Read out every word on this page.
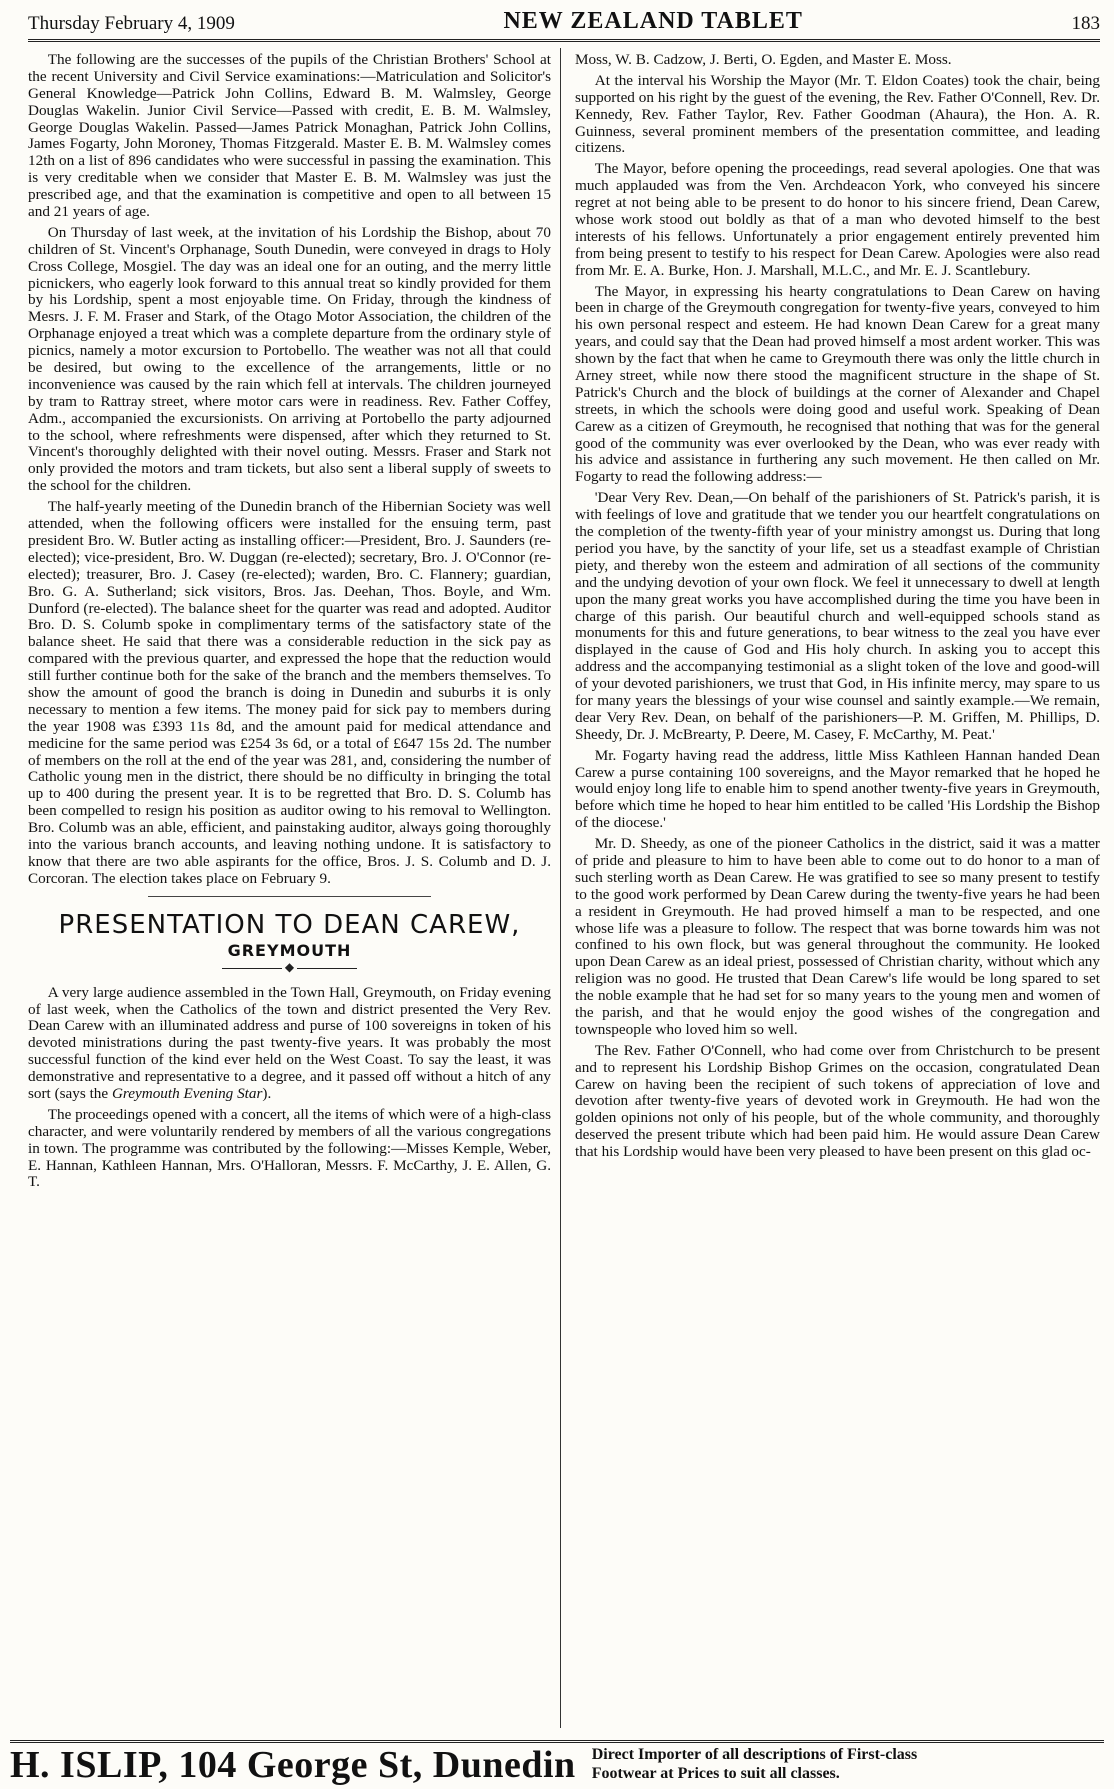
Thursday February 4, 1909	NEW ZEALAND TABLET	183

The following are the successes of the pupils of the Christian Brothers' School at the recent University and Civil Service examinations:—Matriculation and Solicitor's General Knowledge—Patrick John Collins, Edward B. M. Walmsley, George Douglas Wakelin. Junior Civil Service—Passed with credit, E. B. M. Walmsley, George Douglas Wakelin. Passed—James Patrick Monaghan, Patrick John Collins, James Fogarty, John Moroney, Thomas Fitzgerald. Master E. B. M. Walmsley comes 12th on a list of 896 candidates who were successful in passing the examination. This is very creditable when we consider that Master E. B. M. Walmsley was just the prescribed age, and that the examination is competitive and open to all between 15 and 21 years of age.

On Thursday of last week, at the invitation of his Lordship the Bishop, about 70 children of St. Vincent's Orphanage, South Dunedin, were conveyed in drags to Holy Cross College, Mosgiel. The day was an ideal one for an outing, and the merry little picnickers, who eagerly look forward to this annual treat so kindly provided for them by his Lordship, spent a most enjoyable time. On Friday, through the kindness of Mesrs. J. F. M. Fraser and Stark, of the Otago Motor Association, the children of the Orphanage enjoyed a treat which was a complete departure from the ordinary style of picnics, namely a motor excursion to Portobello. The weather was not all that could be desired, but owing to the excellence of the arrangements, little or no inconvenience was caused by the rain which fell at intervals. The children journeyed by tram to Rattray street, where motor cars were in readiness. Rev. Father Coffey, Adm., accompanied the excursionists. On arriving at Portobello the party adjourned to the school, where refreshments were dispensed, after which they returned to St. Vincent's thoroughly delighted with their novel outing. Messrs. Fraser and Stark not only provided the motors and tram tickets, but also sent a liberal supply of sweets to the school for the children.

The half-yearly meeting of the Dunedin branch of the Hibernian Society was well attended, when the following officers were installed for the ensuing term, past president Bro. W. Butler acting as installing officer:—President, Bro. J. Saunders (re-elected); vice-president, Bro. W. Duggan (re-elected); secretary, Bro. J. O'Connor (re-elected); treasurer, Bro. J. Casey (re-elected); warden, Bro. C. Flannery; guardian, Bro. G. A. Sutherland; sick visitors, Bros. Jas. Deehan, Thos. Boyle, and Wm. Dunford (re-elected). The balance sheet for the quarter was read and adopted. Auditor Bro. D. S. Columb spoke in complimentary terms of the satisfactory state of the balance sheet. He said that there was a considerable reduction in the sick pay as compared with the previous quarter, and expressed the hope that the reduction would still further continue both for the sake of the branch and the members themselves. To show the amount of good the branch is doing in Dunedin and suburbs it is only necessary to mention a few items. The money paid for sick pay to members during the year 1908 was £393 11s 8d, and the amount paid for medical attendance and medicine for the same period was £254 3s 6d, or a total of £647 15s 2d. The number of members on the roll at the end of the year was 281, and, considering the number of Catholic young men in the district, there should be no difficulty in bringing the total up to 400 during the present year. It is to be regretted that Bro. D. S. Columb has been compelled to resign his position as auditor owing to his removal to Wellington. Bro. Columb was an able, efficient, and painstaking auditor, always going thoroughly into the various branch accounts, and leaving nothing undone. It is satisfactory to know that there are two able aspirants for the office, Bros. J. S. Columb and D. J. Corcoran. The election takes place on February 9.

PRESENTATION TO DEAN CAREW,
GREYMOUTH
◆

A very large audience assembled in the Town Hall, Greymouth, on Friday evening of last week, when the Catholics of the town and district presented the Very Rev. Dean Carew with an illuminated address and purse of 100 sovereigns in token of his devoted ministrations during the past twenty-five years. It was probably the most successful function of the kind ever held on the West Coast. To say the least, it was demonstrative and representative to a degree, and it passed off without a hitch of any sort (says the Greymouth Evening Star).

The proceedings opened with a concert, all the items of which were of a high-class character, and were voluntarily rendered by members of all the various congregations in town. The programme was contributed by the following:—Misses Kemple, Weber, E. Hannan, Kathleen Hannan, Mrs. O'Halloran, Messrs. F. McCarthy, J. E. Allen, G. T.

Moss, W. B. Cadzow, J. Berti, O. Egden, and Master E. Moss.

At the interval his Worship the Mayor (Mr. T. Eldon Coates) took the chair, being supported on his right by the guest of the evening, the Rev. Father O'Connell, Rev. Dr. Kennedy, Rev. Father Taylor, Rev. Father Goodman (Ahaura), the Hon. A. R. Guinness, several prominent members of the presentation committee, and leading citizens.

The Mayor, before opening the proceedings, read several apologies. One that was much applauded was from the Ven. Archdeacon York, who conveyed his sincere regret at not being able to be present to do honor to his sincere friend, Dean Carew, whose work stood out boldly as that of a man who devoted himself to the best interests of his fellows. Unfortunately a prior engagement entirely prevented him from being present to testify to his respect for Dean Carew. Apologies were also read from Mr. E. A. Burke, Hon. J. Marshall, M.L.C., and Mr. E. J. Scantlebury.

The Mayor, in expressing his hearty congratulations to Dean Carew on having been in charge of the Greymouth congregation for twenty-five years, conveyed to him his own personal respect and esteem. He had known Dean Carew for a great many years, and could say that the Dean had proved himself a most ardent worker. This was shown by the fact that when he came to Greymouth there was only the little church in Arney street, while now there stood the magnificent structure in the shape of St. Patrick's Church and the block of buildings at the corner of Alexander and Chapel streets, in which the schools were doing good and useful work. Speaking of Dean Carew as a citizen of Greymouth, he recognised that nothing that was for the general good of the community was ever overlooked by the Dean, who was ever ready with his advice and assistance in furthering any such movement. He then called on Mr. Fogarty to read the following address:—

'Dear Very Rev. Dean,—On behalf of the parishioners of St. Patrick's parish, it is with feelings of love and gratitude that we tender you our heartfelt congratulations on the completion of the twenty-fifth year of your ministry amongst us. During that long period you have, by the sanctity of your life, set us a steadfast example of Christian piety, and thereby won the esteem and admiration of all sections of the community and the undying devotion of your own flock. We feel it unnecessary to dwell at length upon the many great works you have accomplished during the time you have been in charge of this parish. Our beautiful church and well-equipped schools stand as monuments for this and future generations, to bear witness to the zeal you have ever displayed in the cause of God and His holy church. In asking you to accept this address and the accompanying testimonial as a slight token of the love and good-will of your devoted parishioners, we trust that God, in His infinite mercy, may spare to us for many years the blessings of your wise counsel and saintly example.—We remain, dear Very Rev. Dean, on behalf of the parishioners—P. M. Griffen, M. Phillips, D. Sheedy, Dr. J. McBrearty, P. Deere, M. Casey, F. McCarthy, M. Peat.'

Mr. Fogarty having read the address, little Miss Kathleen Hannan handed Dean Carew a purse containing 100 sovereigns, and the Mayor remarked that he hoped he would enjoy long life to enable him to spend another twenty-five years in Greymouth, before which time he hoped to hear him entitled to be called 'His Lordship the Bishop of the diocese.'

Mr. D. Sheedy, as one of the pioneer Catholics in the district, said it was a matter of pride and pleasure to him to have been able to come out to do honor to a man of such sterling worth as Dean Carew. He was gratified to see so many present to testify to the good work performed by Dean Carew during the twenty-five years he had been a resident in Greymouth. He had proved himself a man to be respected, and one whose life was a pleasure to follow. The respect that was borne towards him was not confined to his own flock, but was general throughout the community. He looked upon Dean Carew as an ideal priest, possessed of Christian charity, without which any religion was no good. He trusted that Dean Carew's life would be long spared to set the noble example that he had set for so many years to the young men and women of the parish, and that he would enjoy the good wishes of the congregation and townspeople who loved him so well.

The Rev. Father O'Connell, who had come over from Christchurch to be present and to represent his Lordship Bishop Grimes on the occasion, congratulated Dean Carew on having been the recipient of such tokens of appreciation of love and devotion after twenty-five years of devoted work in Greymouth. He had won the golden opinions not only of his people, but of the whole community, and thoroughly deserved the present tribute which had been paid him. He would assure Dean Carew that his Lordship would have been very pleased to have been present on this glad oc-

H. ISLIP, 104 George St, Dunedin Direct Importer of all descriptions of First-class
Footwear at Prices to suit all classes.
